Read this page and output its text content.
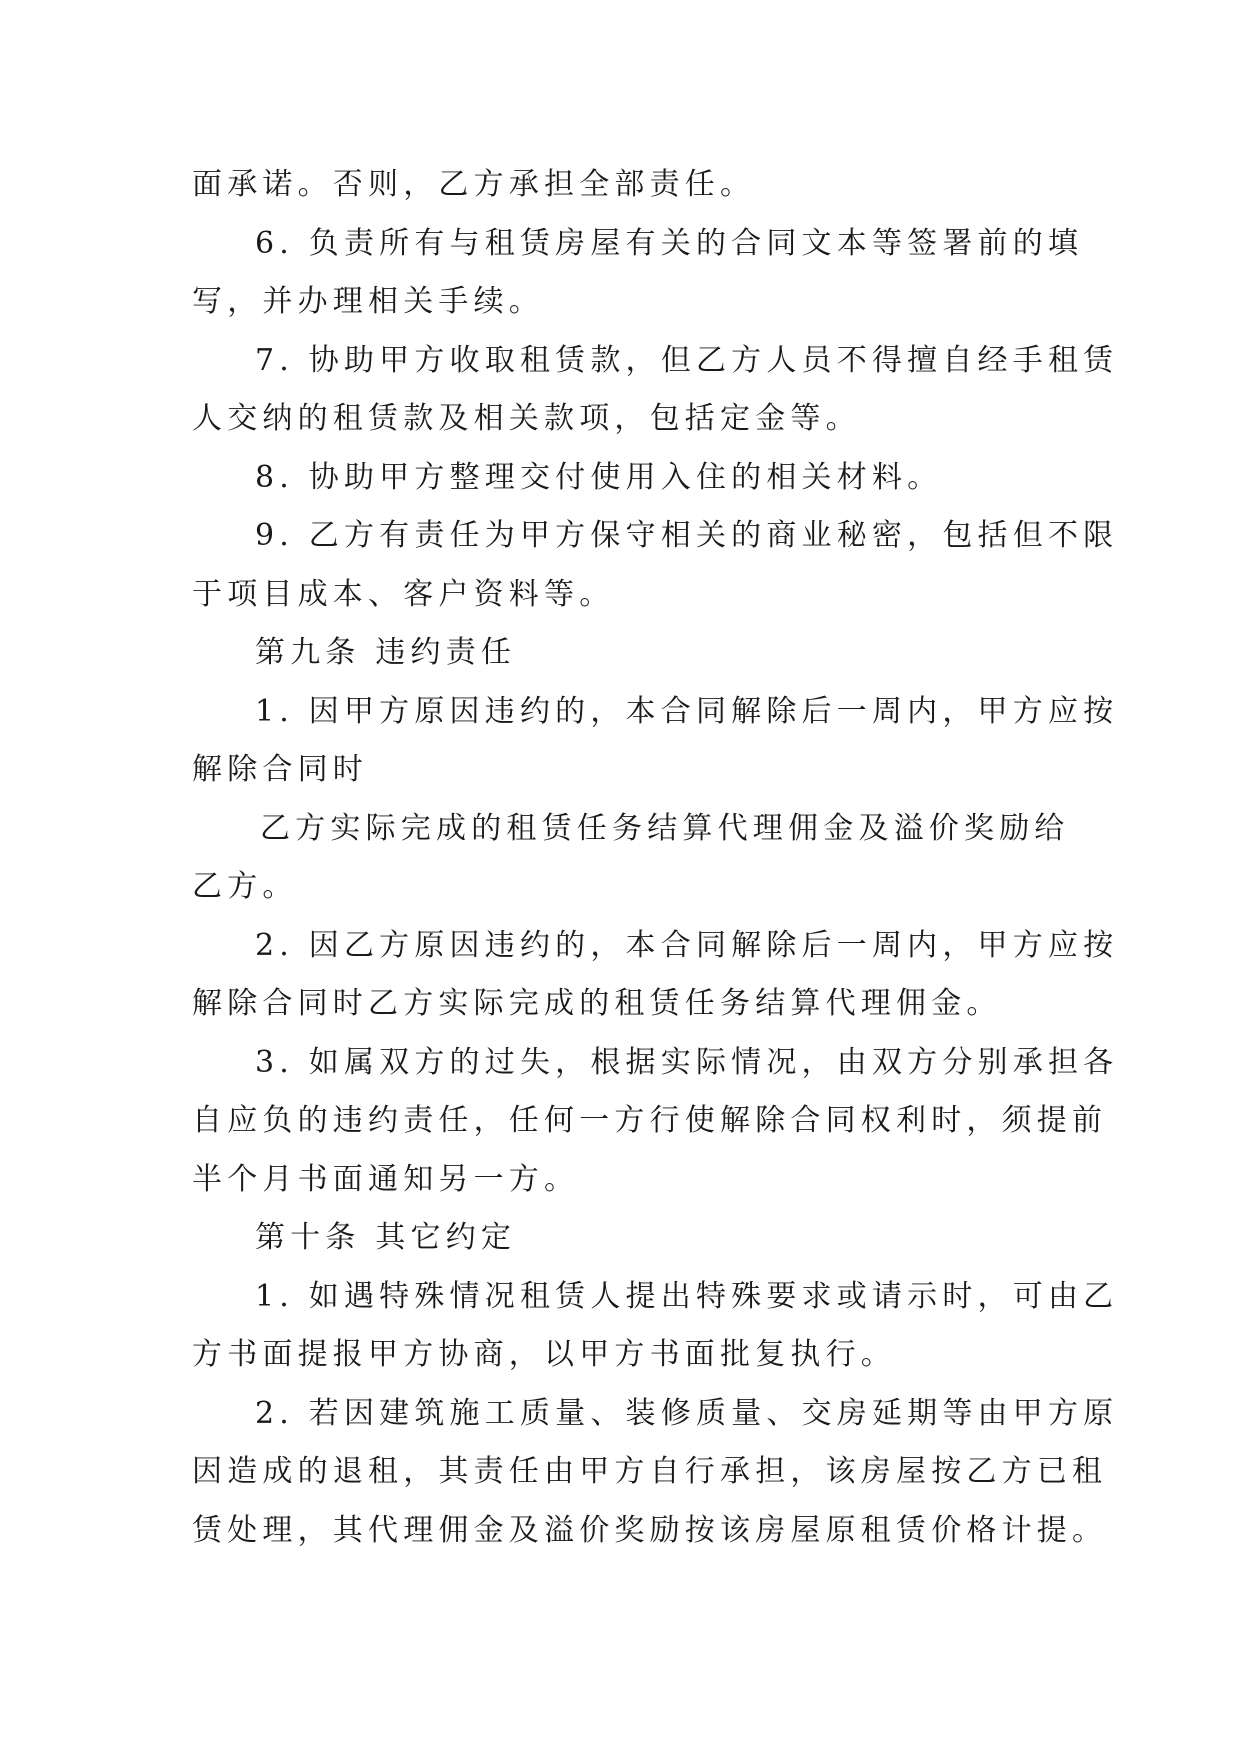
面承诺。否则，乙方承担全部责任。
6. 负责所有与租赁房屋有关的合同文本等签署前的填
写，并办理相关手续。
7. 协助甲方收取租赁款，但乙方人员不得擅自经手租赁
人交纳的租赁款及相关款项，包括定金等。
8. 协助甲方整理交付使用入住的相关材料。
9. 乙方有责任为甲方保守相关的商业秘密，包括但不限
于项目成本、客户资料等。
第九条 违约责任
1. 因甲方原因违约的，本合同解除后一周内，甲方应按
解除合同时
乙方实际完成的租赁任务结算代理佣金及溢价奖励给
乙方。
2. 因乙方原因违约的，本合同解除后一周内，甲方应按
解除合同时乙方实际完成的租赁任务结算代理佣金。
3. 如属双方的过失，根据实际情况，由双方分别承担各
自应负的违约责任，任何一方行使解除合同权利时，须提前
半个月书面通知另一方。
第十条 其它约定
1. 如遇特殊情况租赁人提出特殊要求或请示时，可由乙
方书面提报甲方协商，以甲方书面批复执行。
2. 若因建筑施工质量、装修质量、交房延期等由甲方原
因造成的退租，其责任由甲方自行承担，该房屋按乙方已租
赁处理，其代理佣金及溢价奖励按该房屋原租赁价格计提。
